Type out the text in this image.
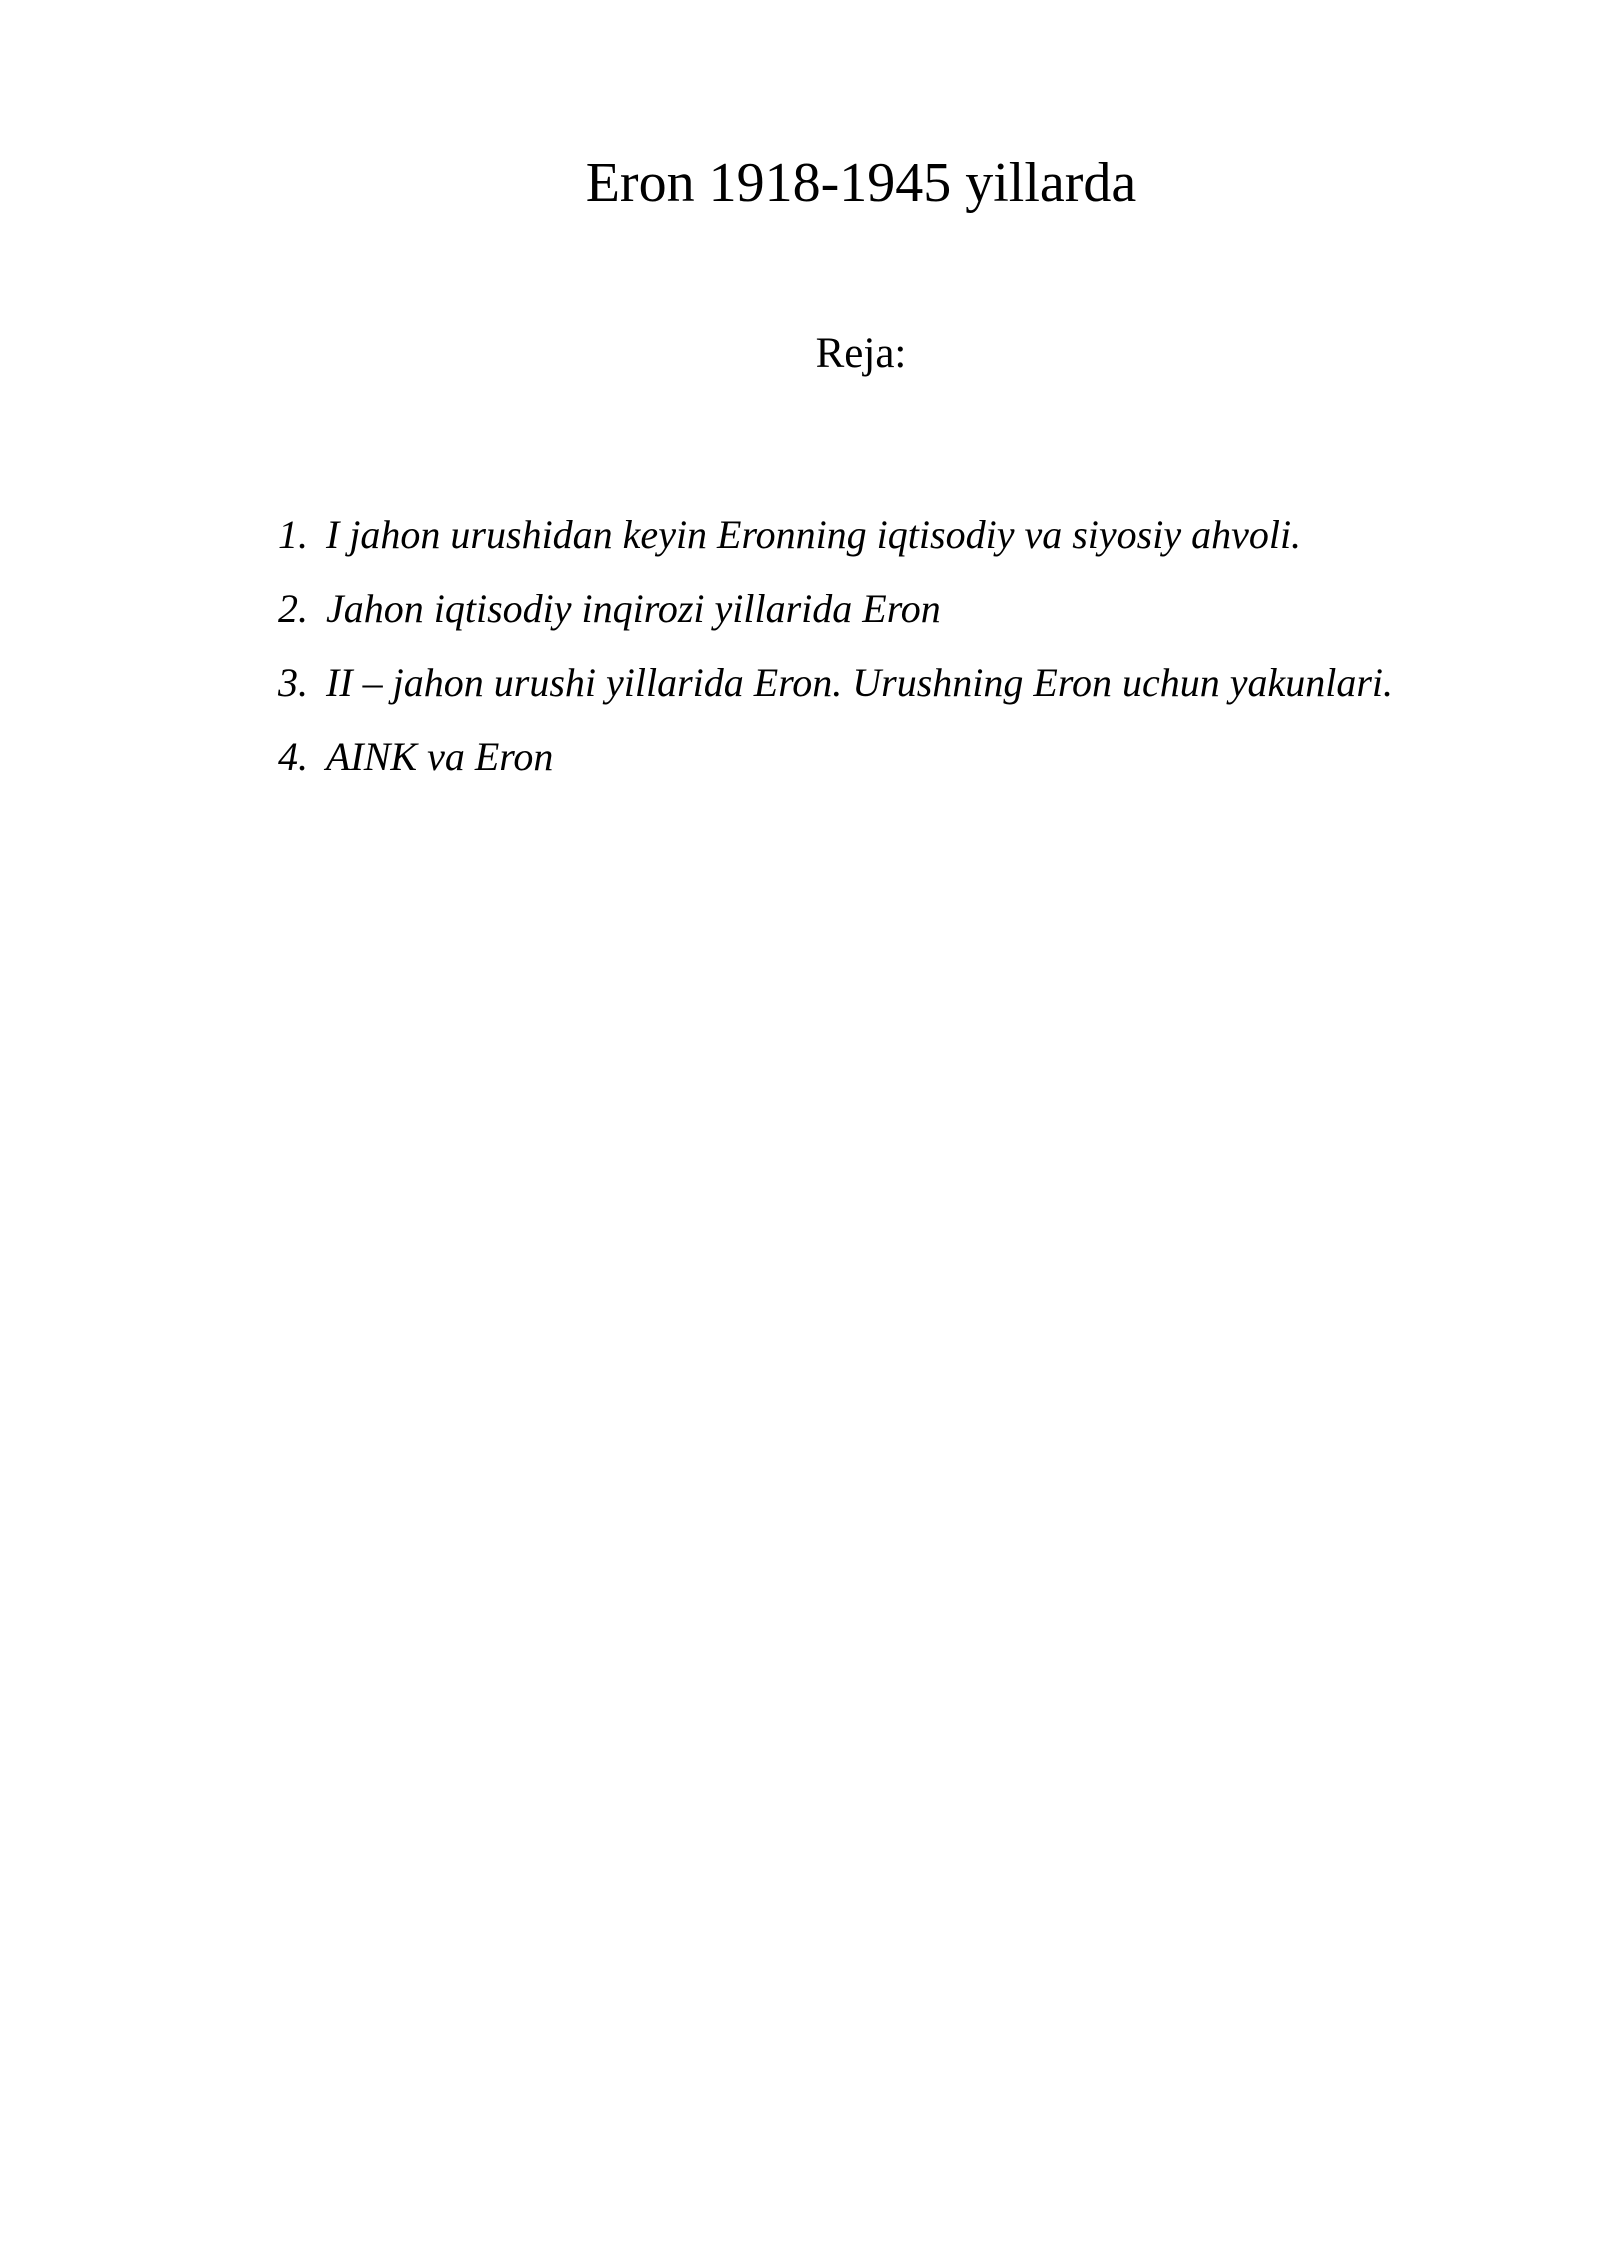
Eron 1918-1945 yillarda
Reja:
1. I jahon urushidan keyin Eronning iqtisodiy va siyosiy ahvoli.
2. Jahon iqtisodiy inqirozi yillarida Eron
3. II – jahon urushi yillarida Eron. Urushning Eron uchun yakunlari.
4. AINK va Eron
